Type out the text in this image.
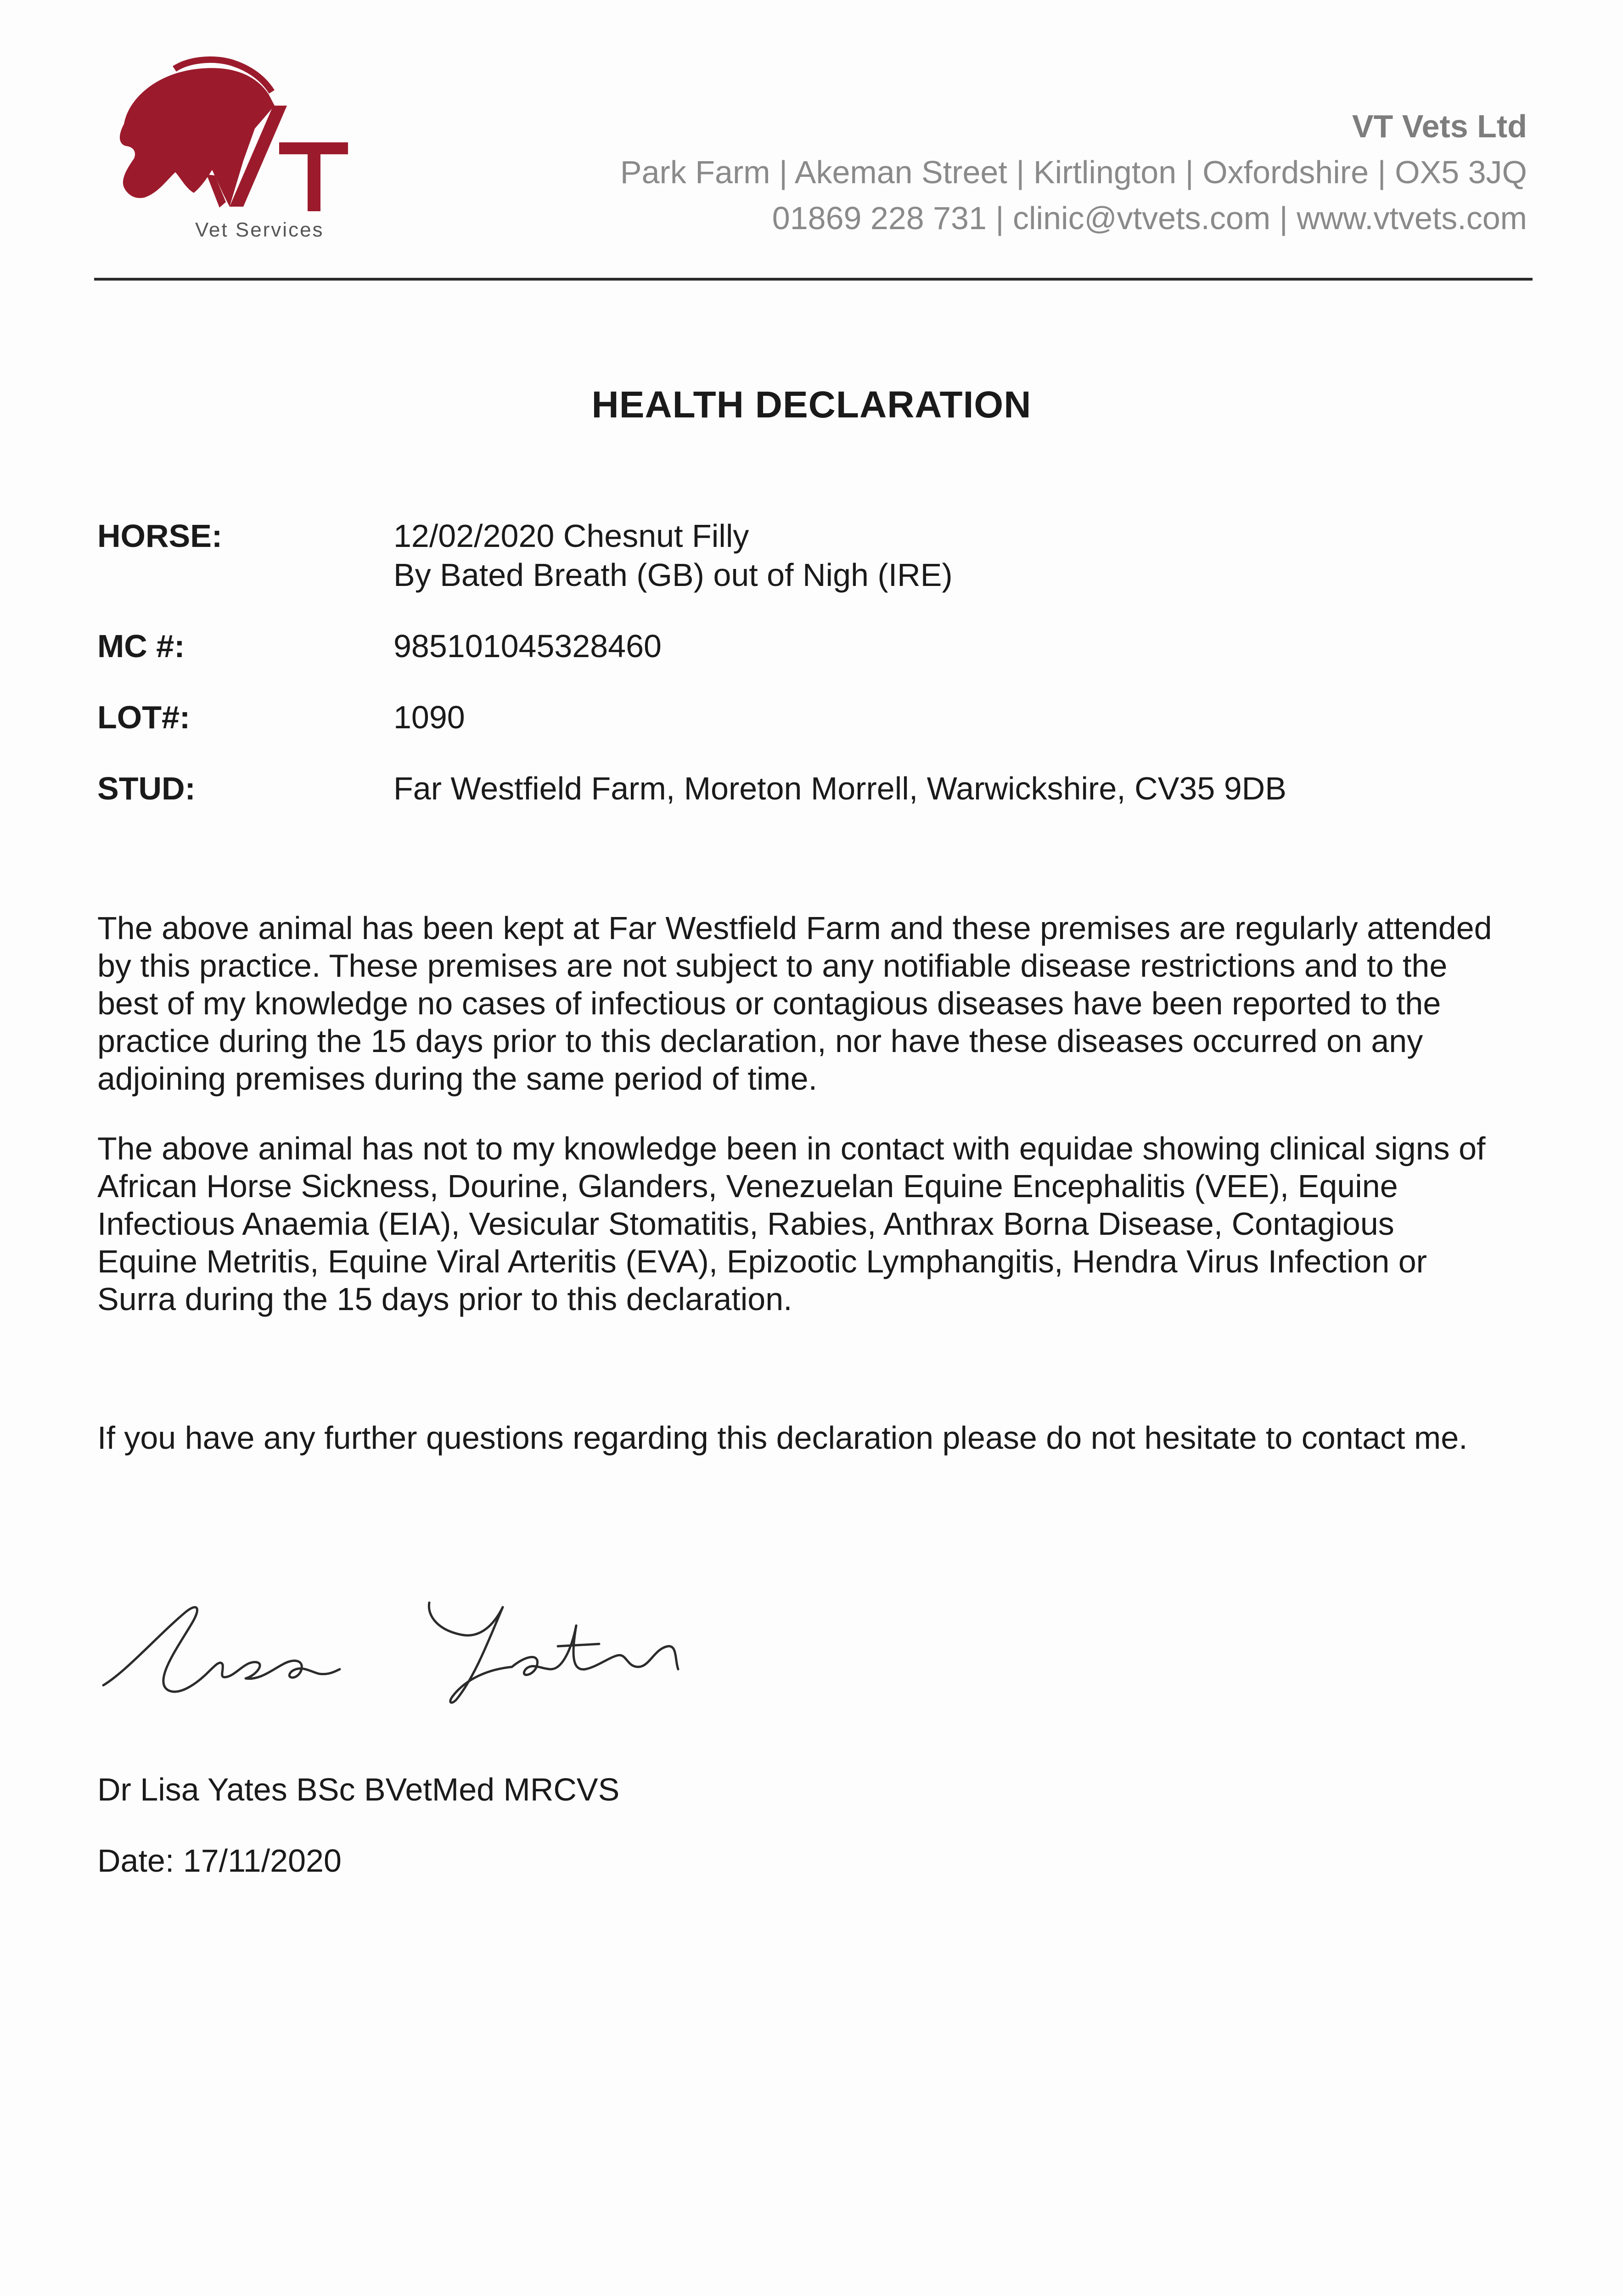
Vet Services
VT Vets Ltd
Park Farm | Akeman Street | Kirtlington | Oxfordshire | OX5 3JQ
01869 228 731 | clinic@vtvets.com | www.vtvets.com
HEALTH DECLARATION
HORSE:	12/02/2020 Chesnut Filly
By Bated Breath (GB) out of Nigh (IRE)
MC #:	985101045328460
LOT#:	1090
STUD:	Far Westfield Farm, Moreton Morrell, Warwickshire, CV35 9DB
The above animal has been kept at Far Westfield Farm and these premises are regularly attended
by this practice. These premises are not subject to any notifiable disease restrictions and to the
best of my knowledge no cases of infectious or contagious diseases have been reported to the
practice during the 15 days prior to this declaration, nor have these diseases occurred on any
adjoining premises during the same period of time.
The above animal has not to my knowledge been in contact with equidae showing clinical signs of
African Horse Sickness, Dourine, Glanders, Venezuelan Equine Encephalitis (VEE), Equine
Infectious Anaemia (EIA), Vesicular Stomatitis, Rabies, Anthrax Borna Disease, Contagious
Equine Metritis, Equine Viral Arteritis (EVA), Epizootic Lymphangitis, Hendra Virus Infection or
Surra during the 15 days prior to this declaration.
If you have any further questions regarding this declaration please do not hesitate to contact me.
Dr Lisa Yates BSc BVetMed MRCVS
Date: 17/11/2020
